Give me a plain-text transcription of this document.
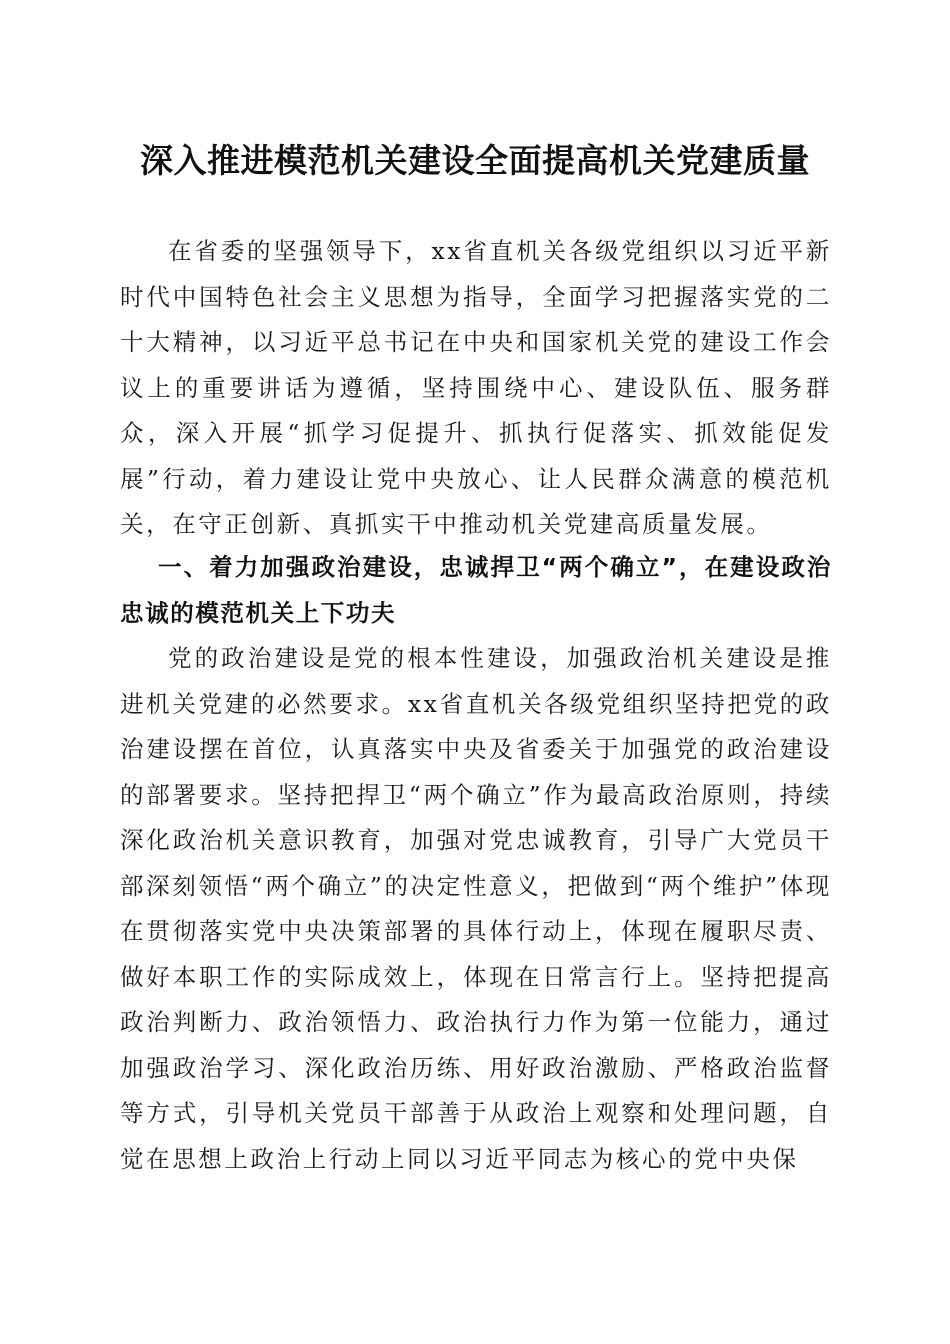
深入推进模范机关建设全面提高机关党建质量

在省委的坚强领导下，xx省直机关各级党组织以习近平新时代中国特色社会主义思想为指导，全面学习把握落实党的二十大精神，以习近平总书记在中央和国家机关党的建设工作会议上的重要讲话为遵循，坚持围绕中心、建设队伍、服务群众，深入开展“抓学习促提升、抓执行促落实、抓效能促发展”行动，着力建设让党中央放心、让人民群众满意的模范机关，在守正创新、真抓实干中推动机关党建高质量发展。

一、着力加强政治建设，忠诚捍卫“两个确立”，在建设政治忠诚的模范机关上下功夫

党的政治建设是党的根本性建设，加强政治机关建设是推进机关党建的必然要求。xx省直机关各级党组织坚持把党的政治建设摆在首位，认真落实中央及省委关于加强党的政治建设的部署要求。坚持把捍卫“两个确立”作为最高政治原则，持续深化政治机关意识教育，加强对党忠诚教育，引导广大党员干部深刻领悟“两个确立”的决定性意义，把做到“两个维护”体现在贯彻落实党中央决策部署的具体行动上，体现在履职尽责、做好本职工作的实际成效上，体现在日常言行上。坚持把提高政治判断力、政治领悟力、政治执行力作为第一位能力，通过加强政治学习、深化政治历练、用好政治激励、严格政治监督等方式，引导机关党员干部善于从政治上观察和处理问题，自觉在思想上政治上行动上同以习近平同志为核心的党中央保
